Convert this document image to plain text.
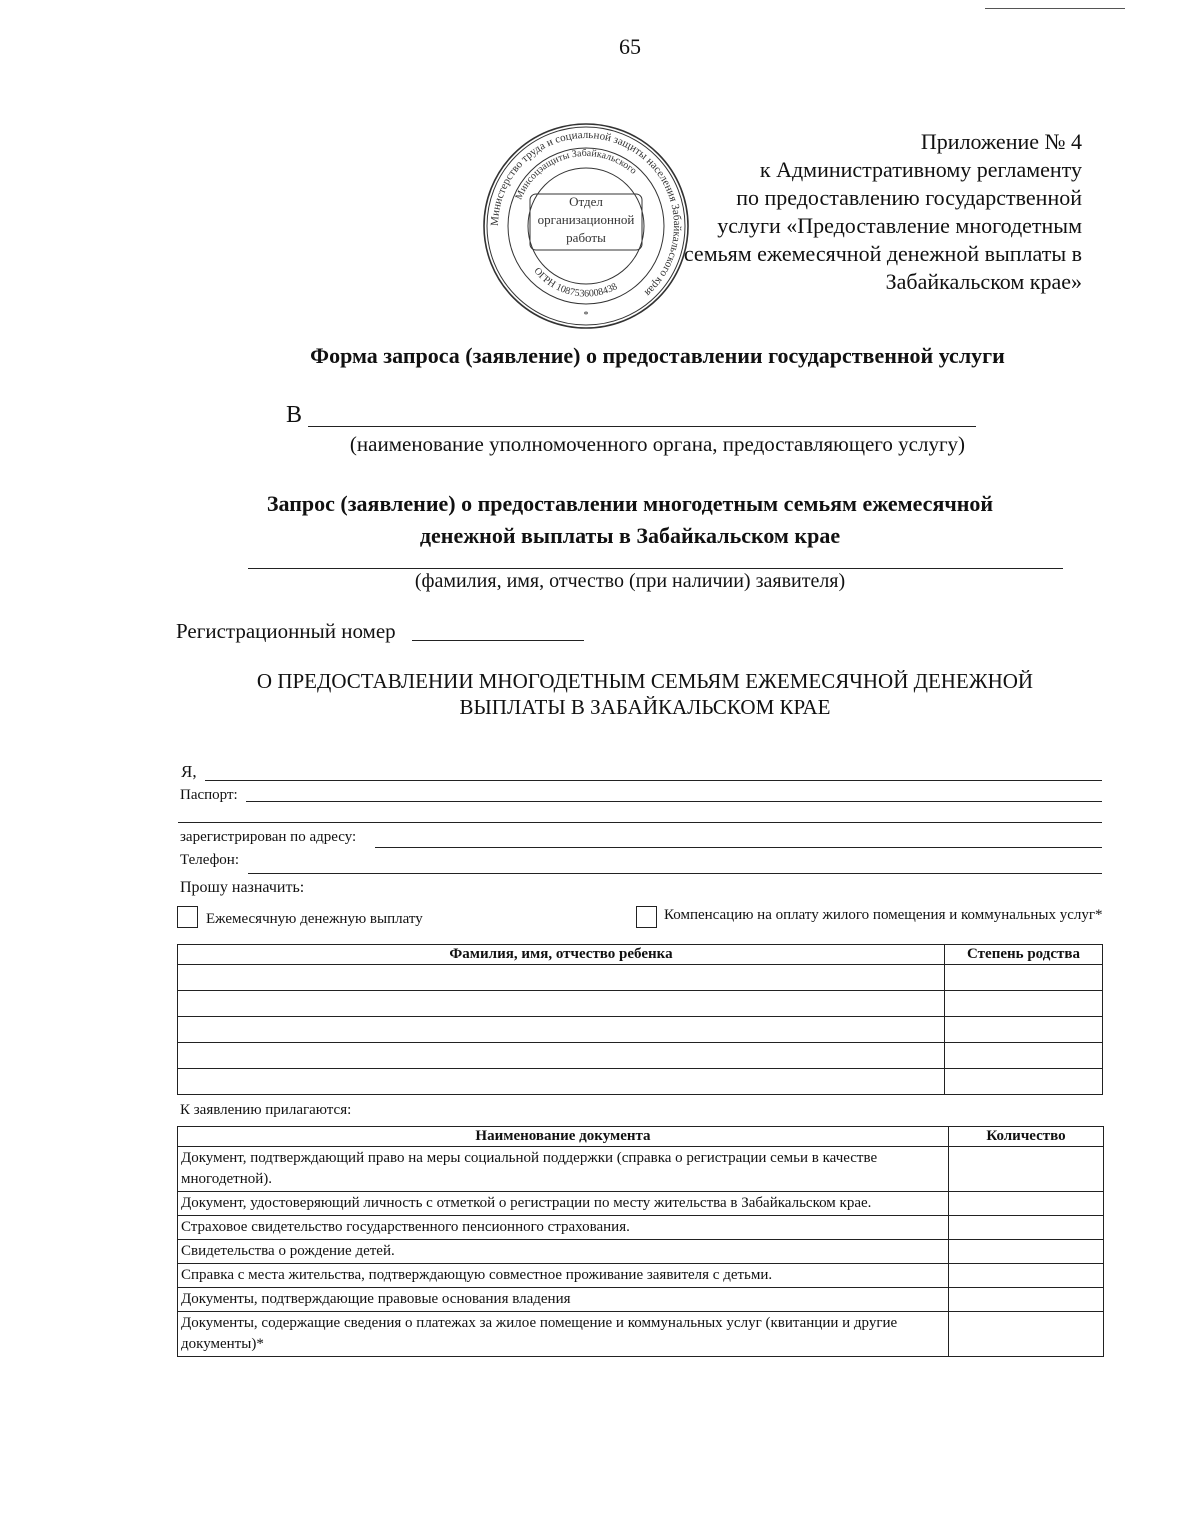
65
Министерство труда и социальной защиты населения Забайкальского края
Минсоцзащиты Забайкальского
ОГРН 1087536008438
Отдел
организационной
работы
*
Приложение № 4
к Административному регламенту
по предоставлению государственной
услуги «Предоставление многодетным
семьям ежемесячной денежной выплаты в
Забайкальском крае»
Форма запроса (заявление) о предоставлении государственной услуги
В
(наименование уполномоченного органа, предоставляющего услугу)
Запрос (заявление) о предоставлении многодетным семьям ежемесячной
денежной выплаты в Забайкальском крае
(фамилия, имя, отчество (при наличии) заявителя)
Регистрационный номер
О ПРЕДОСТАВЛЕНИИ МНОГОДЕТНЫМ СЕМЬЯМ ЕЖЕМЕСЯЧНОЙ ДЕНЕЖНОЙ
ВЫПЛАТЫ В ЗАБАЙКАЛЬСКОМ КРАЕ
Я,
Паспорт:
зарегистрирован по адресу:
Телефон:
Прошу назначить:
Ежемесячную денежную выплату	Компенсацию на оплату жилого помещения и коммунальных услуг*
Фамилия, имя, отчество ребенка	Степень родства

К заявлению прилагаются:
Наименование документа	Количество
Документ, подтверждающий право на меры социальной поддержки (справка о регистрации семьи в качестве многодетной).	
Документ, удостоверяющий личность с отметкой о регистрации по месту жительства в Забайкальском крае.	
Страховое свидетельство государственного пенсионного страхования.	
Свидетельства о рождение детей.	
Справка с места жительства, подтверждающую совместное проживание заявителя с детьми.	
Документы, подтверждающие правовые основания владения	
Документы, содержащие сведения о платежах за жилое помещение и коммунальных услуг (квитанции и другие документы)*	
